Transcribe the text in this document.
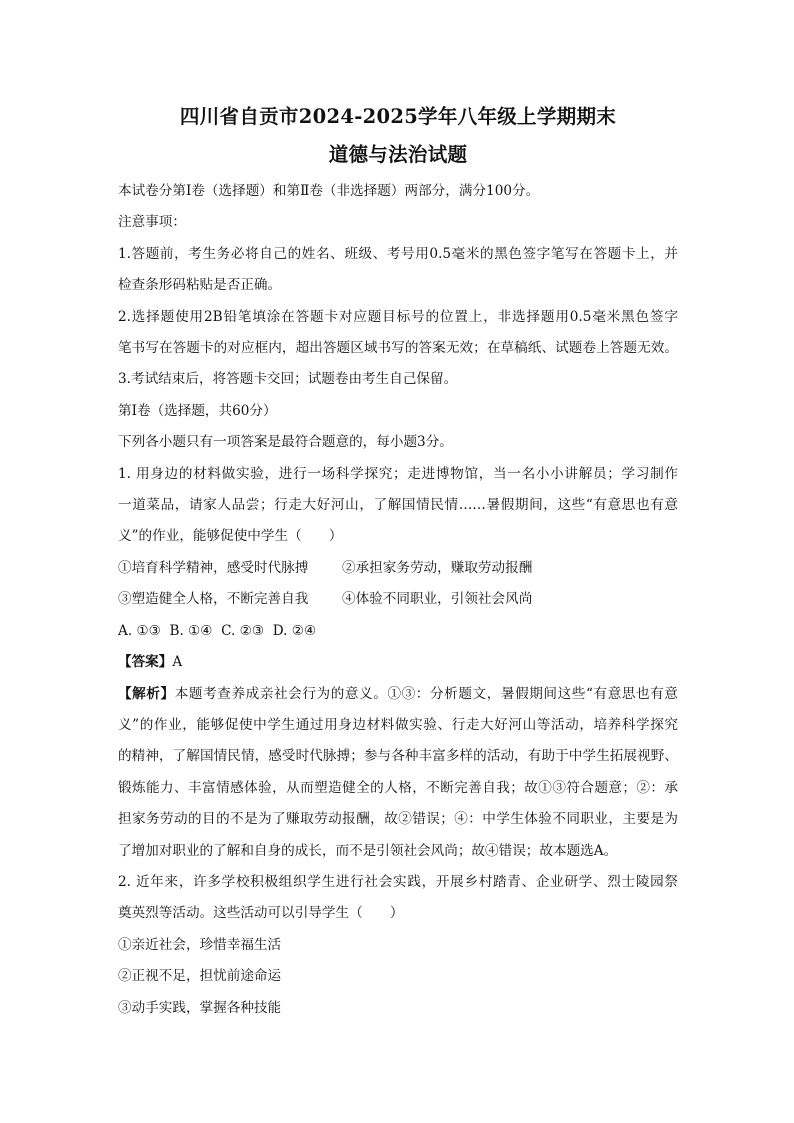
四川省自贡市2024-2025学年八年级上学期期末

道德与法治试题

本试卷分第Ⅰ卷（选择题）和第Ⅱ卷（非选择题）两部分，满分100分。

注意事项：

1.答题前，考生务必将自己的姓名、班级、考号用0.5毫米的黑色签字笔写在答题卡上，并

检查条形码粘贴是否正确。

2.选择题使用2B铅笔填涂在答题卡对应题目标号的位置上，非选择题用0.5毫米黑色签字

笔书写在答题卡的对应框内，超出答题区域书写的答案无效；在草稿纸、试题卷上答题无效。

3.考试结束后，将答题卡交回；试题卷由考生自己保留。

第Ⅰ卷（选择题，共60分）

下列各小题只有一项答案是最符合题意的，每小题3分。

1. 用身边的材料做实验，进行一场科学探究；走进博物馆，当一名小小讲解员；学习制作

一道菜品，请家人品尝；行走大好河山，了解国情民情……暑假期间，这些“有意思也有意

义”的作业，能够促使中学生（　　）

①培育科学精神，感受时代脉搏 ②承担家务劳动，赚取劳动报酬

③塑造健全人格，不断完善自我 ④体验不同职业，引领社会风尚

A. ①③  B. ①④  C. ②③  D. ②④

【答案】A

【解析】本题考查养成亲社会行为的意义。①③：分析题文，暑假期间这些“有意思也有意

义”的作业，能够促使中学生通过用身边材料做实验、行走大好河山等活动，培养科学探究

的精神，了解国情民情，感受时代脉搏；参与各种丰富多样的活动，有助于中学生拓展视野、

锻炼能力、丰富情感体验，从而塑造健全的人格，不断完善自我；故①③符合题意；②：承

担家务劳动的目的不是为了赚取劳动报酬，故②错误；④：中学生体验不同职业，主要是为

了增加对职业的了解和自身的成长，而不是引领社会风尚；故④错误；故本题选A。

2. 近年来，许多学校积极组织学生进行社会实践，开展乡村踏青、企业研学、烈士陵园祭

奠英烈等活动。这些活动可以引导学生（　　）

①亲近社会，珍惜幸福生活

②正视不足，担忧前途命运

③动手实践，掌握各种技能
